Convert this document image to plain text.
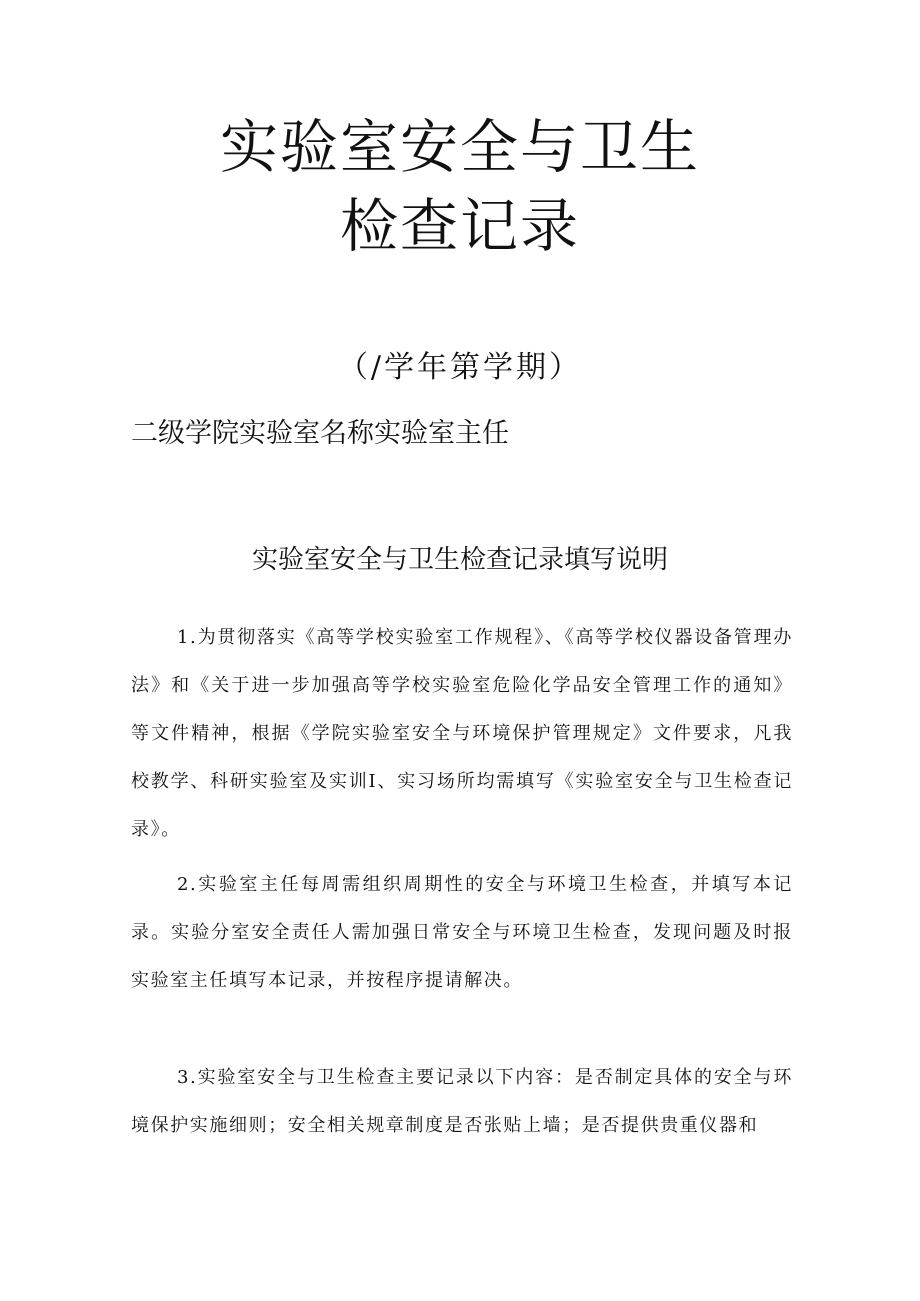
实验室安全与卫生
检查记录
（/学年第学期）
二级学院实验室名称实验室主任
实验室安全与卫生检查记录填写说明

1.为贯彻落实《高等学校实验室工作规程》、《高等学校仪器设备管理办法》和《关于进一步加强高等学校实验室危险化学品安全管理工作的通知》等文件精神，根据《学院实验室安全与环境保护管理规定》文件要求，凡我校教学、科研实验室及实训I、实习场所均需填写《实验室安全与卫生检查记录》。

2.实验室主任每周需组织周期性的安全与环境卫生检查，并填写本记录。实验分室安全责任人需加强日常安全与环境卫生检查，发现问题及时报实验室主任填写本记录，并按程序提请解决。

3.实验室安全与卫生检查主要记录以下内容：是否制定具体的安全与环境保护实施细则；安全相关规章制度是否张贴上墙；是否提供贵重仪器和
